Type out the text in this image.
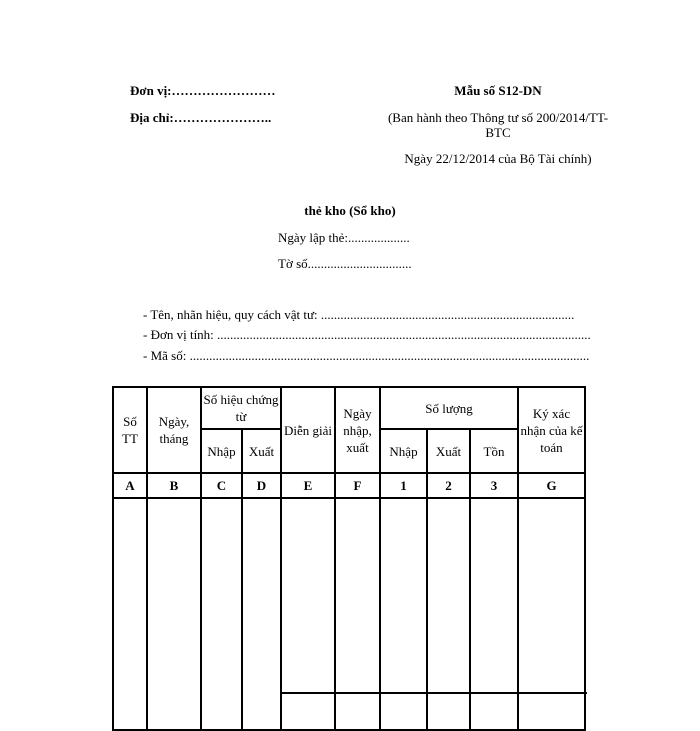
Đơn vị:……………………
Địa chỉ:…………………..
Mẫu số S12-DN
(Ban hành theo Thông tư số 200/2014/TT-
BTC
Ngày 22/12/2014 của Bộ Tài chính)
thẻ kho (Sổ kho)
Ngày lập thẻ:...................
Tờ số................................
- Tên, nhãn hiệu, quy cách vật tư: ..............................................................................
- Đơn vị tính: ...................................................................................................................
- Mã số: ...........................................................................................................................
Số TT	Ngày, tháng	Số hiệu chứng từ		Diễn giải	Ngày nhập, xuất	Số lượng			Ký xác nhận của kế toán
		Nhập	Xuất			Nhập	Xuất	Tồn	
A	B	C	D	E	F	1	2	3	G
